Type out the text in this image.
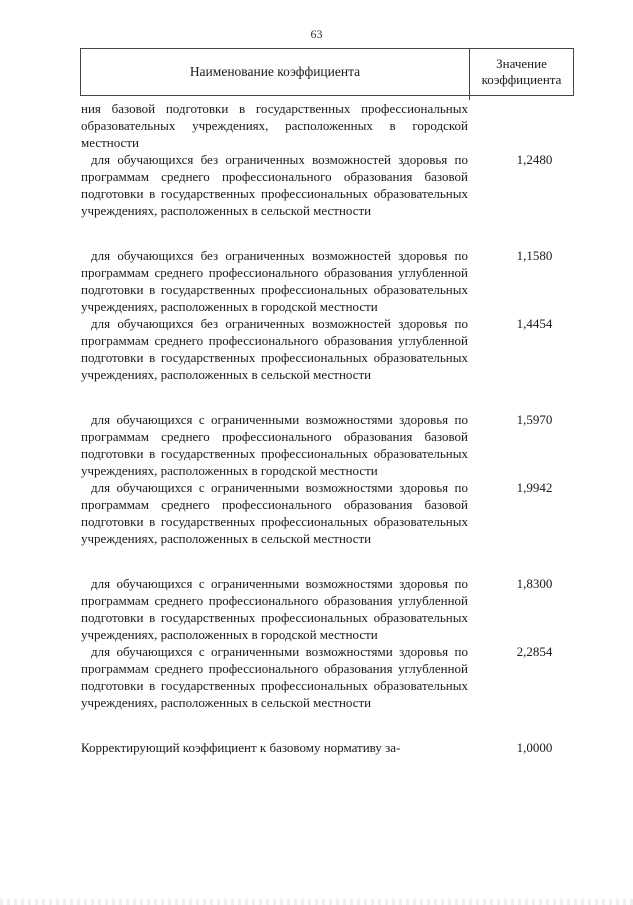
63
Наименование коэффициента
Значение
коэффициента
ния базовой подготовки в государственных профессиональных образовательных учреждениях, расположенных в городской местности
для обучающихся без ограниченных возможностей здоровья по программам среднего профессионального образования базовой подготовки в государственных профессиональных образовательных учреждениях, расположенных в сельской местности
1,2480
для обучающихся без ограниченных возможностей здоровья по программам среднего профессионального образования углубленной подготовки в государственных профессиональных образовательных учреждениях, расположенных в городской местности
1,1580
для обучающихся без ограниченных возможностей здоровья по программам среднего профессионального образования углубленной подготовки в государственных профессиональных образовательных учреждениях, расположенных в сельской местности
1,4454
для обучающихся с ограниченными возможностями здоровья по программам среднего профессионального образования базовой подготовки в государственных профессиональных образовательных учреждениях, расположенных в городской местности
1,5970
для обучающихся с ограниченными возможностями здоровья по программам среднего профессионального образования базовой подготовки в государственных профессиональных образовательных учреждениях, расположенных в сельской местности
1,9942
для обучающихся с ограниченными возможностями здоровья по программам среднего профессионального образования углубленной подготовки в государственных профессиональных образовательных учреждениях, расположенных в городской местности
1,8300
для обучающихся с ограниченными возможностями здоровья по программам среднего профессионального образования углубленной подготовки в государственных профессиональных образовательных учреждениях, расположенных в сельской местности
2,2854
Корректирующий коэффициент к базовому нормативу за-	1,0000
